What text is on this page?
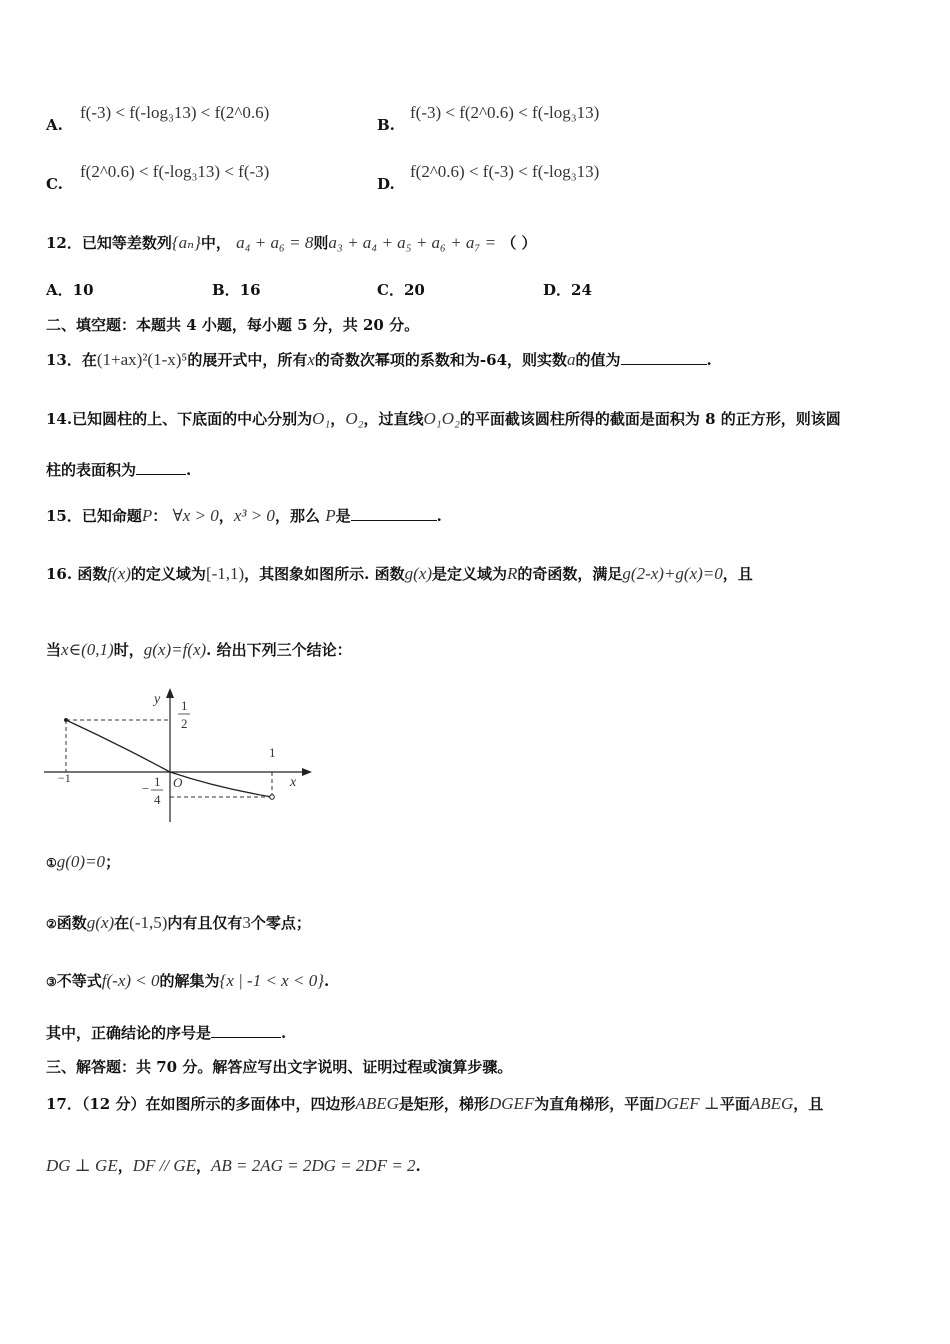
A.
f(-3) < f(-log₃13) < f(2^0.6)
B.
f(-3) < f(2^0.6) < f(-log₃13)
C.
f(2^0.6) < f(-log₃13) < f(-3)
D.
f(2^0.6) < f(-3) < f(-log₃13)
12．已知等差数列{aₙ}中， a₄ + a₆ = 8则a₃ + a₄ + a₅ + a₆ + a₇ = （ ）
A．10	B．16	C．20	D．24
二、填空题：本题共 4 小题，每小题 5 分，共 20 分。
13．在(1+ax)²(1-x)⁵的展开式中，所有x的奇数次幂项的系数和为-64，则实数a的值为	.
14.已知圆柱的上、下底面的中心分别为O₁，O₂，过直线O₁O₂的平面截该圆柱所得的截面是面积为 8 的正方形，则该圆
柱的表面积为	.
15．已知命题P： ∀x > 0，x³ > 0，那么 P是	.
16. 函数f(x)的定义域为[-1,1)，其图象如图所示. 函数g(x)是定义域为R的奇函数，满足g(2-x)+g(x)=0，且
当x∈(0,1)时，g(x)=f(x). 给出下列三个结论：
y
x
O
−1
1
1
2
− 1
4
①g(0)=0；
②函数g(x)在(-1,5)内有且仅有3个零点；
③不等式f(-x) < 0的解集为{x | -1 < x < 0}.
其中，正确结论的序号是	.
三、解答题：共 70 分。解答应写出文字说明、证明过程或演算步骤。
17．（12 分）在如图所示的多面体中，四边形ABEG是矩形，梯形DGEF为直角梯形，平面DGEF ⊥平面ABEG，且
DG ⊥ GE，DF // GE，AB = 2AG = 2DG = 2DF = 2.
